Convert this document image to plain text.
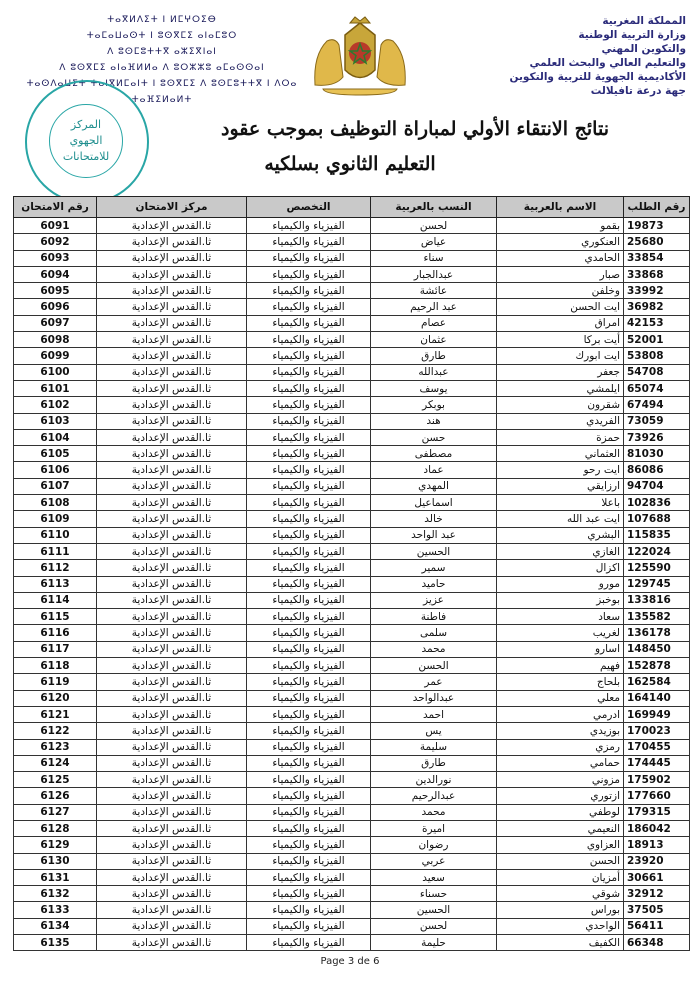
ⵜⴰⴳⵍⴷⵉⵜ ⵏ ⵍⵎⵖⵔⵉⴱ
ⵜⴰⵎⴰⵡⴰⵙⵜ ⵏ ⵓⵙⴳⵎⵉ ⴰⵏⴰⵎⵓⵔ
ⴷ ⵓⵙⵎⵓⵜⵜⴳ ⴰⵣⵉⴳⵏⴰⵏ
ⴷ ⵓⵙⴳⵎⵉ ⴰⵏⴰⴼⵍⵍⴰ ⴷ ⵓⵔⵣⵣⵓ ⴰⵎⴰⵙⵙⴰⵏ
ⵜⴰⵙⴷⴰⵡⵉⵜ ⵜⴰⵏⴳⵍⵎⴰⵏⵜ ⵏ ⵓⵙⴳⵎⵉ ⴷ ⵓⵙⵎⵓⵜⵜⴳ ⵏ ⴷⵔⴰ ⵜⴰⴼⵉⵍⴰⵍⵜ
المملكة المغربية
وزارة التربية الوطنية
والتكوين المهني
والتعليم العالي والبحث العلمي
الأكاديمية الجهوية للتربية والتكوين
جهة درعة تافيلالت
المركز
الجهوي
للامتحانات
نتائج الانتقاء الأولي لمباراة التوظيف بموجب عقود
التعليم الثانوي بسلكيه
رقم الطلب	الاسم بالعربية	النسب بالعربية	التخصص	مركز الامتحان	رقم الامتحان
19873	بقمو	لحسن	الفيزياء والكيمياء	ثا.القدس الإعدادية	6091
25680	العنكوري	عياض	الفيزياء والكيمياء	ثا.القدس الإعدادية	6092
33854	الحامدي	سناء	الفيزياء والكيمياء	ثا.القدس الإعدادية	6093
33868	صبار	عبدالجبار	الفيزياء والكيمياء	ثا.القدس الإعدادية	6094
33992	وخلفن	عائشة	الفيزياء والكيمياء	ثا.القدس الإعدادية	6095
36982	ايت الحسن	عبد الرحيم	الفيزياء والكيمياء	ثا.القدس الإعدادية	6096
42153	امراق	عصام	الفيزياء والكيمياء	ثا.القدس الإعدادية	6097
52001	أيت بركا	عثمان	الفيزياء والكيمياء	ثا.القدس الإعدادية	6098
53808	ايت ابورك	طارق	الفيزياء والكيمياء	ثا.القدس الإعدادية	6099
54708	جعفر	عبدالله	الفيزياء والكيمياء	ثا.القدس الإعدادية	6100
65074	ايلمشي	يوسف	الفيزياء والكيمياء	ثا.القدس الإعدادية	6101
67494	شقرون	بوبكر	الفيزياء والكيمياء	ثا.القدس الإعدادية	6102
73059	الفريدي	هند	الفيزياء والكيمياء	ثا.القدس الإعدادية	6103
73926	حمزة	حسن	الفيزياء والكيمياء	ثا.القدس الإعدادية	6104
81030	العثماني	مصطفى	الفيزياء والكيمياء	ثا.القدس الإعدادية	6105
86086	ايت رحو	عماد	الفيزياء والكيمياء	ثا.القدس الإعدادية	6106
94704	ارزايقي	المهدي	الفيزياء والكيمياء	ثا.القدس الإعدادية	6107
102836	باعلا	اسماعيل	الفيزياء والكيمياء	ثا.القدس الإعدادية	6108
107688	ايت عبد الله	خالد	الفيزياء والكيمياء	ثا.القدس الإعدادية	6109
115835	البشري	عبد الواحد	الفيزياء والكيمياء	ثا.القدس الإعدادية	6110
122024	الغازي	الحسين	الفيزياء والكيمياء	ثا.القدس الإعدادية	6111
125590	اكزال	سمير	الفيزياء والكيمياء	ثا.القدس الإعدادية	6112
129745	مورو	حاميد	الفيزياء والكيمياء	ثا.القدس الإعدادية	6113
133816	بوخبز	عزيز	الفيزياء والكيمياء	ثا.القدس الإعدادية	6114
135582	سعاد	فاطنة	الفيزياء والكيمياء	ثا.القدس الإعدادية	6115
136178	لغريب	سلمى	الفيزياء والكيمياء	ثا.القدس الإعدادية	6116
148450	اسارو	محمد	الفيزياء والكيمياء	ثا.القدس الإعدادية	6117
152878	فهيم	الحسن	الفيزياء والكيمياء	ثا.القدس الإعدادية	6118
162584	بلحاج	عمر	الفيزياء والكيمياء	ثا.القدس الإعدادية	6119
164140	معلي	عبدالواحد	الفيزياء والكيمياء	ثا.القدس الإعدادية	6120
169949	ادرمي	احمد	الفيزياء والكيمياء	ثا.القدس الإعدادية	6121
170023	بوزيدي	يس	الفيزياء والكيمياء	ثا.القدس الإعدادية	6122
170455	رمزي	سليمة	الفيزياء والكيمياء	ثا.القدس الإعدادية	6123
174445	حمامي	طارق	الفيزياء والكيمياء	ثا.القدس الإعدادية	6124
175902	مزوني	نورالدين	الفيزياء والكيمياء	ثا.القدس الإعدادية	6125
177660	ازتوري	عبدالرحيم	الفيزياء والكيمياء	ثا.القدس الإعدادية	6126
179315	لوطفي	محمد	الفيزياء والكيمياء	ثا.القدس الإعدادية	6127
186042	النعيمي	اميرة	الفيزياء والكيمياء	ثا.القدس الإعدادية	6128
18913	العزاوي	رضوان	الفيزياء والكيمياء	ثا.القدس الإعدادية	6129
23920	الحسن	عربي	الفيزياء والكيمياء	ثا.القدس الإعدادية	6130
30661	أمزيان	سعيد	الفيزياء والكيمياء	ثا.القدس الإعدادية	6131
32912	شوقي	حسناء	الفيزياء والكيمياء	ثا.القدس الإعدادية	6132
37505	بوراس	الحسين	الفيزياء والكيمياء	ثا.القدس الإعدادية	6133
56411	الواحدي	لحسن	الفيزياء والكيمياء	ثا.القدس الإعدادية	6134
66348	الكفيف	حليمة	الفيزياء والكيمياء	ثا.القدس الإعدادية	6135
Page 3 de 6
